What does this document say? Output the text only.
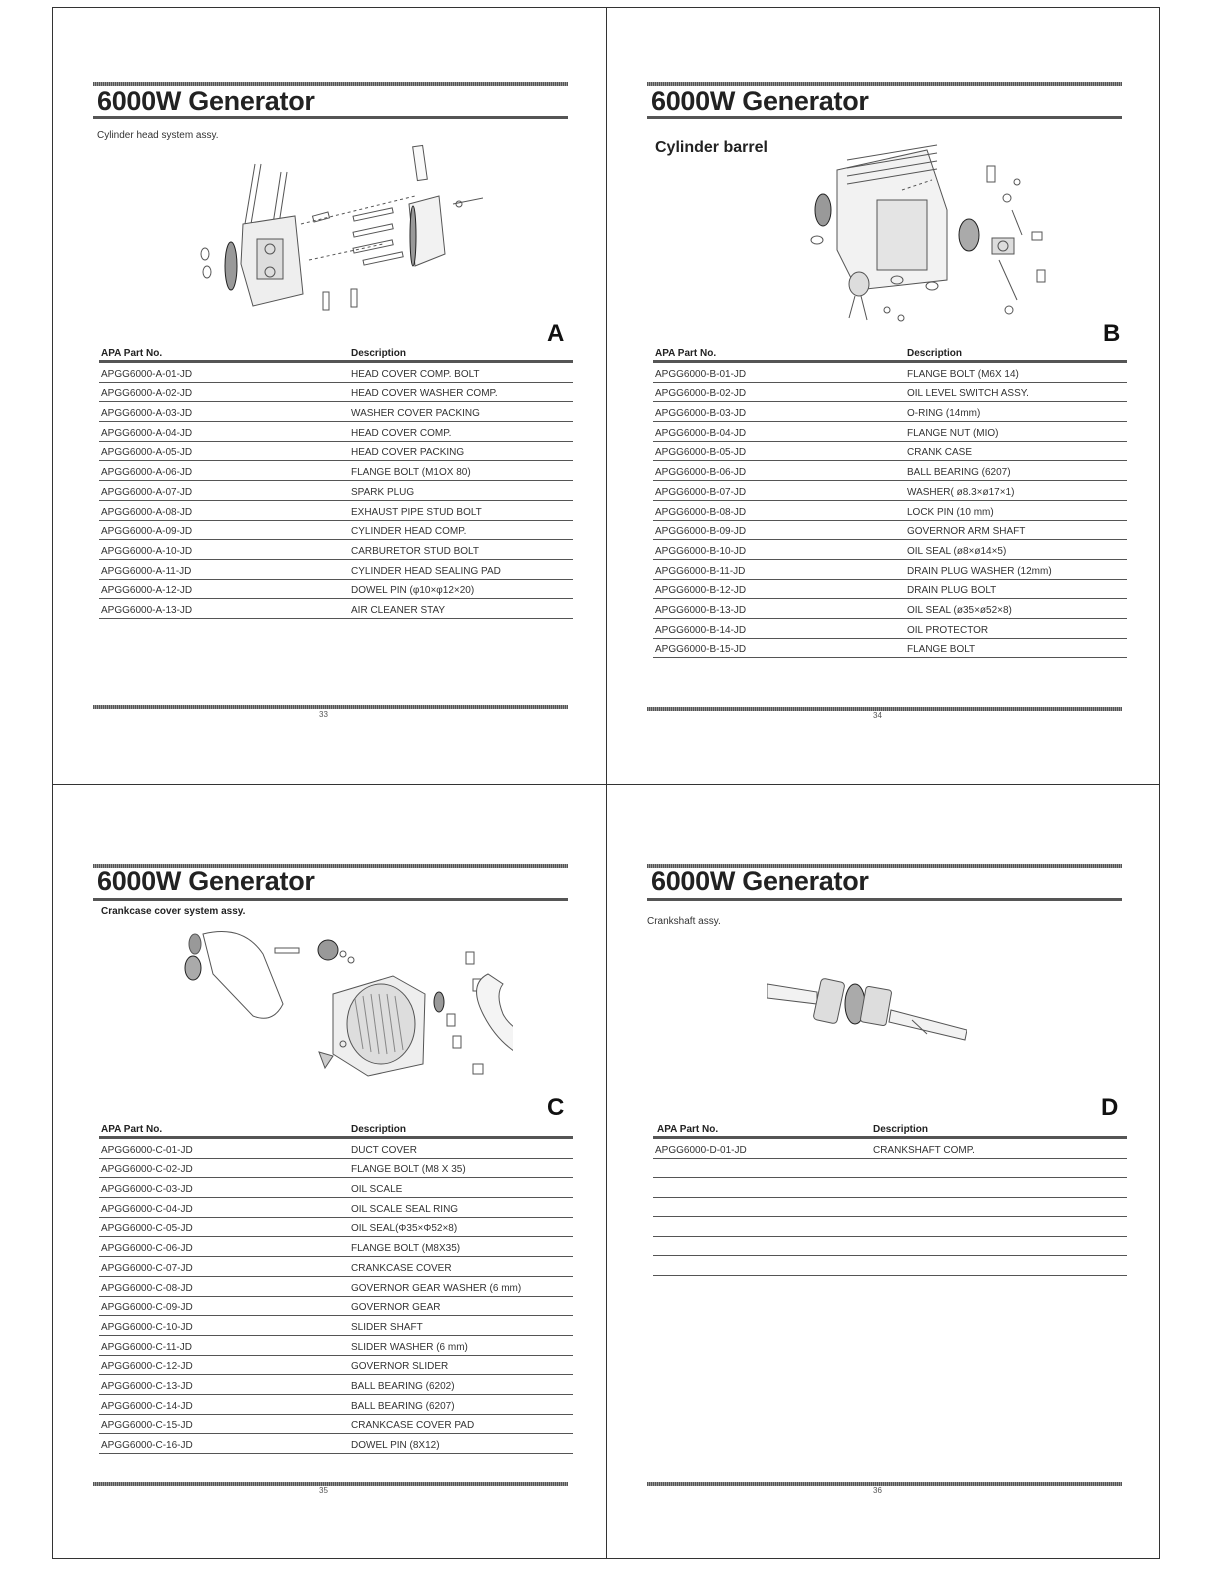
6000W Generator
Cylinder head system assy.
A
APA Part No.	Description
APGG6000-A-01-JD	HEAD COVER COMP. BOLT
APGG6000-A-02-JD	HEAD COVER WASHER COMP.
APGG6000-A-03-JD	WASHER COVER PACKING
APGG6000-A-04-JD	HEAD COVER COMP.
APGG6000-A-05-JD	HEAD COVER PACKING
APGG6000-A-06-JD	FLANGE BOLT (M1OX 80)
APGG6000-A-07-JD	SPARK PLUG
APGG6000-A-08-JD	EXHAUST PIPE STUD BOLT
APGG6000-A-09-JD	CYLINDER HEAD COMP.
APGG6000-A-10-JD	CARBURETOR STUD BOLT
APGG6000-A-11-JD	CYLINDER HEAD SEALING PAD
APGG6000-A-12-JD	DOWEL PIN (φ10×φ12×20)
APGG6000-A-13-JD	AIR CLEANER STAY
33
6000W Generator
Cylinder barrel
B
APA Part No.	Description
APGG6000-B-01-JD	FLANGE BOLT (M6X 14)
APGG6000-B-02-JD	OIL LEVEL SWITCH ASSY.
APGG6000-B-03-JD	O-RING (14mm)
APGG6000-B-04-JD	FLANGE NUT (MIO)
APGG6000-B-05-JD	CRANK CASE
APGG6000-B-06-JD	BALL BEARING (6207)
APGG6000-B-07-JD	WASHER( ø8.3×ø17×1)
APGG6000-B-08-JD	LOCK PIN (10 mm)
APGG6000-B-09-JD	GOVERNOR ARM SHAFT
APGG6000-B-10-JD	OIL SEAL (ø8×ø14×5)
APGG6000-B-11-JD	DRAIN PLUG WASHER (12mm)
APGG6000-B-12-JD	DRAIN PLUG BOLT
APGG6000-B-13-JD	OIL SEAL (ø35×ø52×8)
APGG6000-B-14-JD	OIL PROTECTOR
APGG6000-B-15-JD	FLANGE BOLT
34
6000W Generator
Crankcase cover system assy.
C
APA Part No.	Description
APGG6000-C-01-JD	DUCT COVER
APGG6000-C-02-JD	FLANGE BOLT (M8 X 35)
APGG6000-C-03-JD	OIL SCALE
APGG6000-C-04-JD	OIL SCALE SEAL RING
APGG6000-C-05-JD	OIL SEAL(Φ35×Φ52×8)
APGG6000-C-06-JD	FLANGE BOLT (M8X35)
APGG6000-C-07-JD	CRANKCASE COVER
APGG6000-C-08-JD	GOVERNOR GEAR WASHER (6 mm)
APGG6000-C-09-JD	GOVERNOR GEAR
APGG6000-C-10-JD	SLIDER SHAFT
APGG6000-C-11-JD	SLIDER WASHER (6 mm)
APGG6000-C-12-JD	GOVERNOR SLIDER
APGG6000-C-13-JD	BALL BEARING (6202)
APGG6000-C-14-JD	BALL BEARING (6207)
APGG6000-C-15-JD	CRANKCASE COVER PAD
APGG6000-C-16-JD	DOWEL PIN (8X12)
35
6000W Generator
Crankshaft assy.
D
APA Part No.	Description
APGG6000-D-01-JD	CRANKSHAFT COMP.
36
